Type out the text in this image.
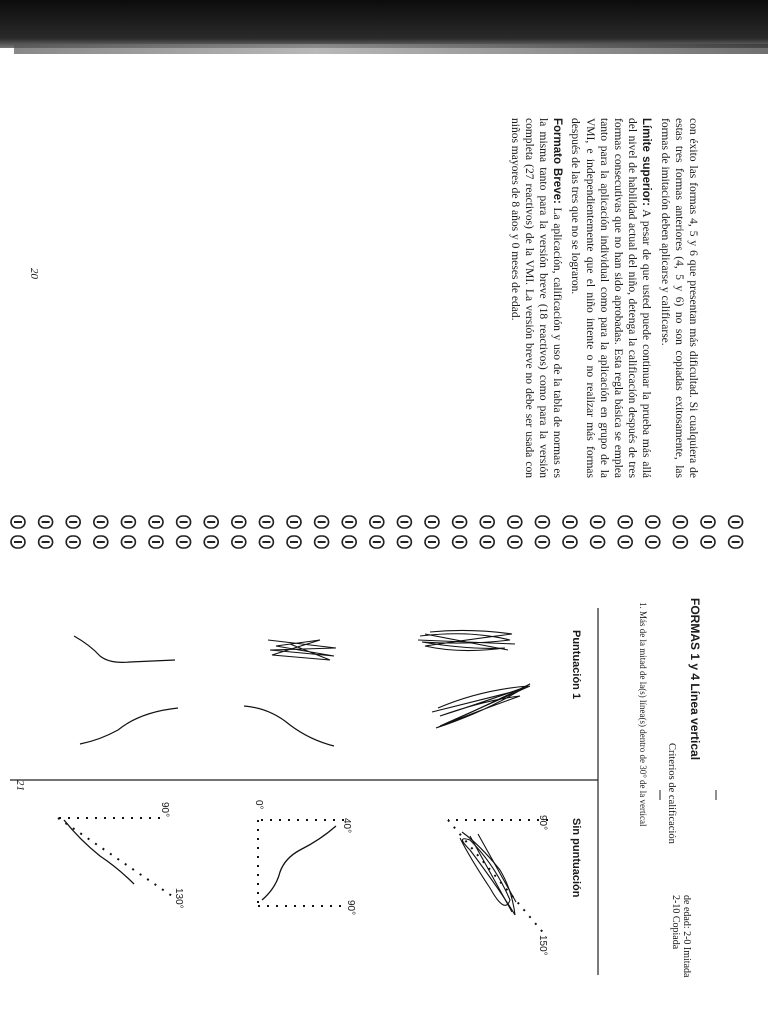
con éxito las formas 4, 5 y 6 que presentan más dificultad. Si cualquiera de estas tres formas anteriores (4, 5 y 6) no son copiadas exitosamente, las formas de imitación deben aplicarse y calificarse.

Límite superior: A pesar de que usted puede continuar la prueba más allá del nivel de habilidad actual del niño, detenga la calificación después de tres formas consecutivas que no han sido aprobadas. Esta regla básica se emplea tanto para la aplicación individual como para la aplicación en grupo de la VMI, e independientemente que el niño intente o no realizar más formas después de las tres que no se lograron.

Formato Breve: La aplicación, calificación y uso de la tabla de normas es la misma tanto para la versión breve (18 reactivos) como para la versión completa (27 reactivos) de la VMI. La versión breve no debe ser usada con niños mayores de 8 años y 0 meses de edad.

20
FORMAS 1 y 4 Línea vertical
de edad: 2-0 Imitada
2-10 Copiada
Criterios de calificación
1. Más de la mitad de la(s) línea(s) dentro de 30° de la vertical
Puntuación 1
Sin puntuación
21
90°
150°
40°
0°
90°
90°
130°
